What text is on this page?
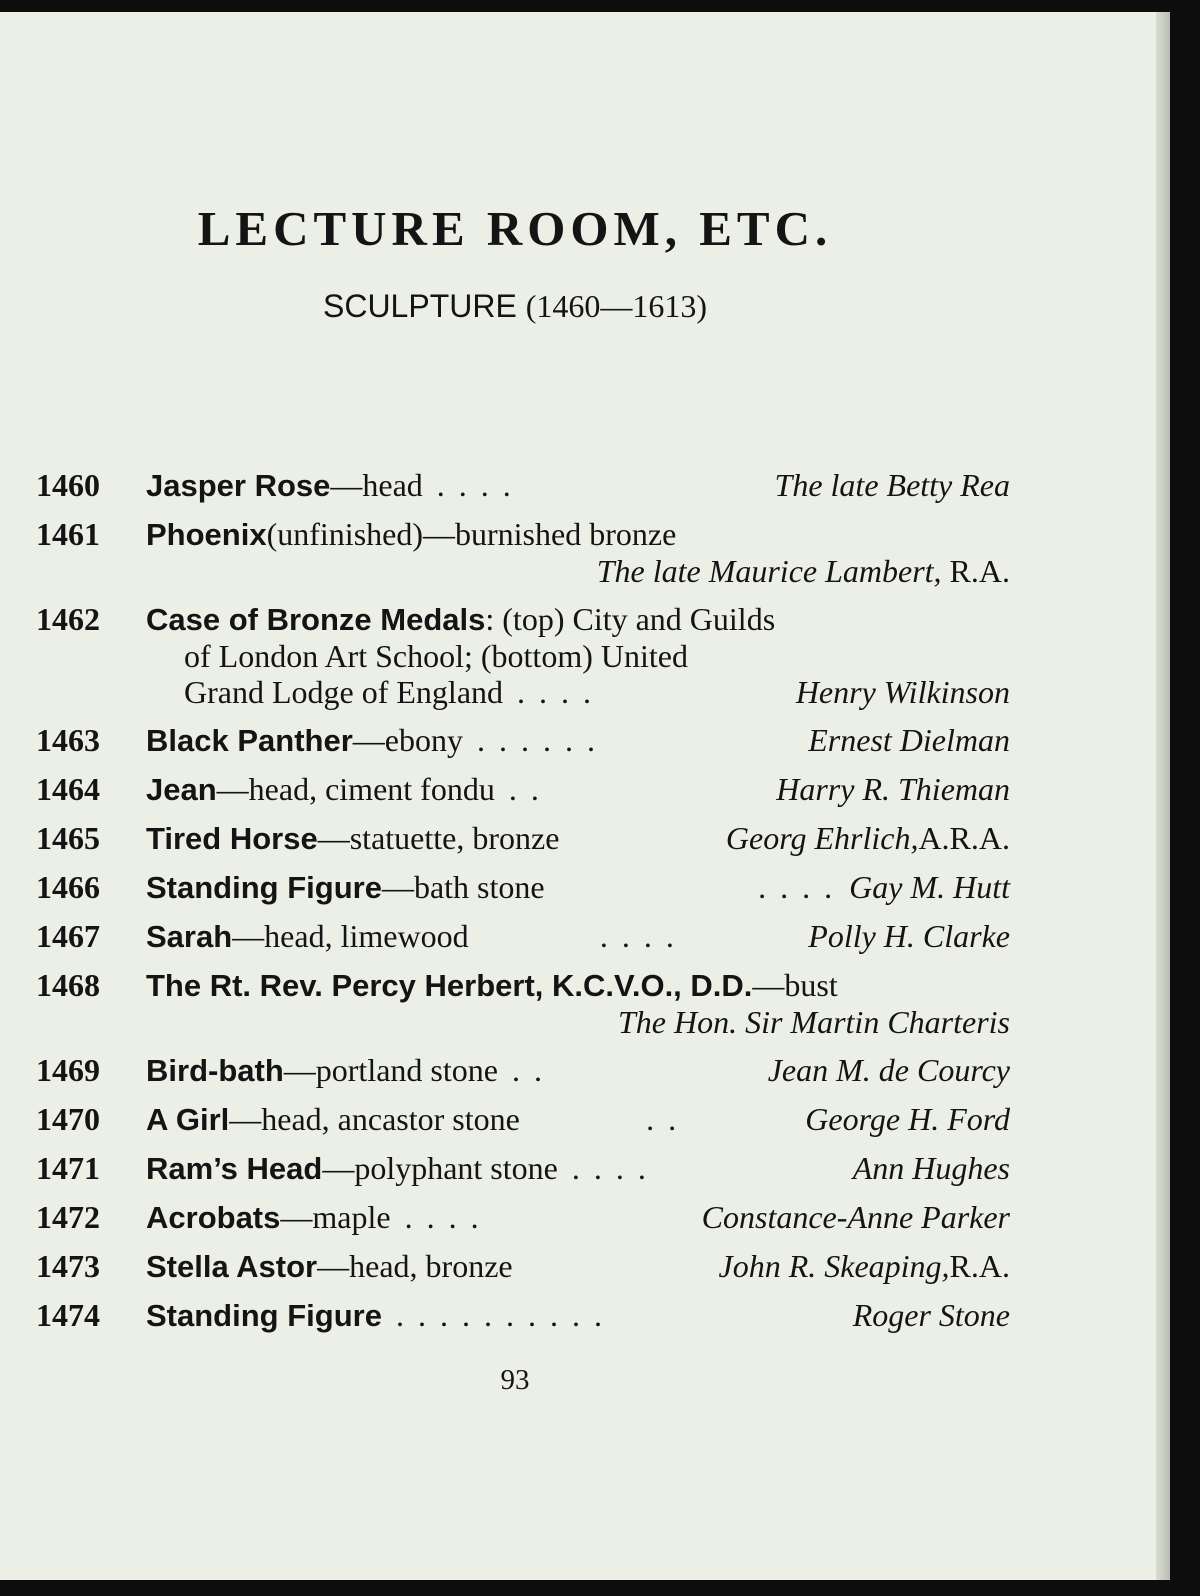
LECTURE ROOM, ETC.

SCULPTURE (1460—1613)

1460	Jasper Rose —head . . . .	The late Betty Rea
1461	Phoenix (unfinished)—burnished bronze
The late Maurice Lambert, R.A.
1462	Case of Bronze Medals : (top) City and Guilds
of London Art School; (bottom) United
Grand Lodge of England . . . .	Henry Wilkinson
1463	Black Panther —ebony . . . . . .	Ernest Dielman
1464	Jean —head, ciment fondu . .	Harry R. Thieman
1465	Tired Horse —statuette, bronze	Georg Ehrlich, A.R.A.
1466	Standing Figure —bath stone	. . . . Gay M. Hutt
1467	Sarah —head, limewood	. . . .	Polly H. Clarke
1468	The Rt. Rev. Percy Herbert, K.C.V.O., D.D. —bust
The Hon. Sir Martin Charteris
1469	Bird-bath —portland stone . .	Jean M. de Courcy
1470	A Girl —head, ancastor stone	. .	George H. Ford
1471	Ram’s Head —polyphant stone . . . .	Ann Hughes
1472	Acrobats —maple . . . .	Constance-Anne Parker
1473	Stella Astor —head, bronze	John R. Skeaping, R.A.
1474	Standing Figure . . . . . . . . . .	Roger Stone
93
